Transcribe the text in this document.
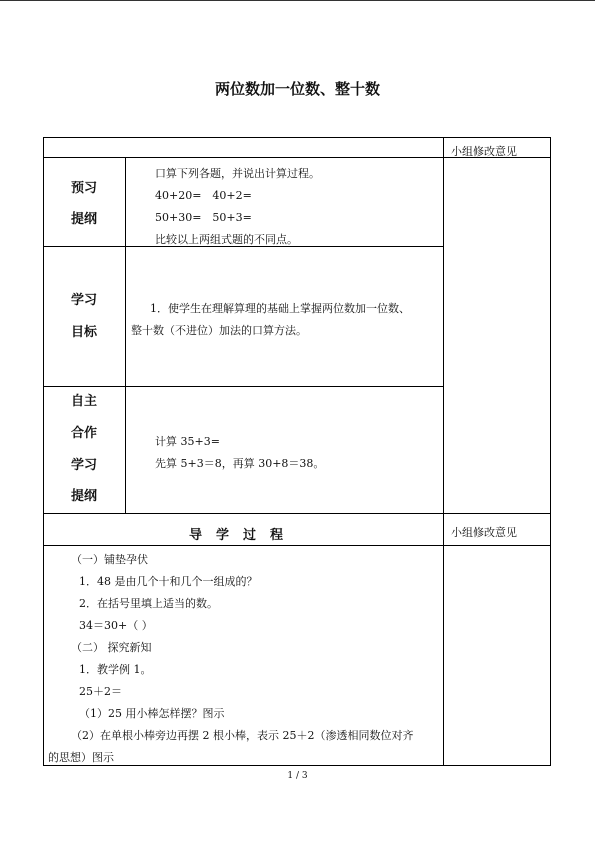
两位数加一位数、整十数
小组修改意见
小组修改意见
预习
提纲
口算下列各题，并说出计算过程。
40+20=　40+2=
50+30=　50+3=
比较以上两组式题的不同点。
学习
目标
1．使学生在理解算理的基础上掌握两位数加一位数、
整十数（不进位）加法的口算方法。
自主
合作
学习
提纲
计算 35+3=
先算 5+3＝8，再算 30+8＝38。
导学过程
（一）铺垫孕伏
1．48 是由几个十和几个一组成的？
2．在括号里填上适当的数。
34＝30+（ ）
（二） 探究新知
1．教学例 1。
25＋2＝
（1）25 用小棒怎样摆？图示
（2）在单根小棒旁边再摆 2 根小棒，表示 25＋2（渗透相同数位对齐
的思想）图示
1 / 3
